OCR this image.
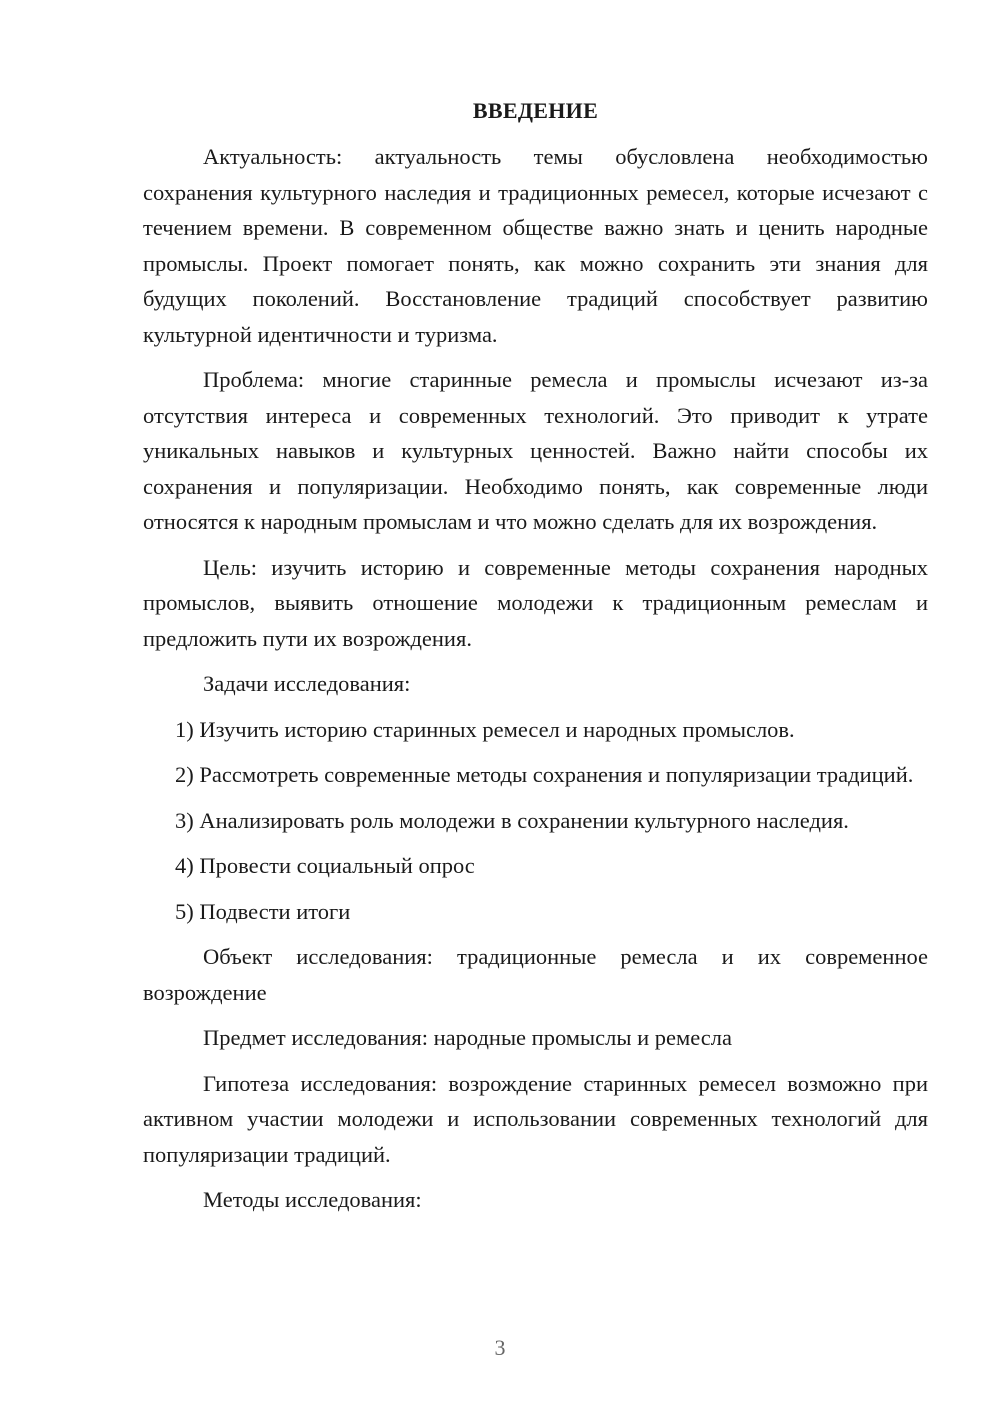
ВВЕДЕНИЕ

Актуальность: актуальность темы обусловлена необходимостью сохранения культурного наследия и традиционных ремесел, которые исчезают с течением времени. В современном обществе важно знать и ценить народные промыслы. Проект помогает понять, как можно сохранить эти знания для будущих поколений. Восстановление традиций способствует развитию культурной идентичности и туризма.

Проблема: многие старинные ремесла и промыслы исчезают из-за отсутствия интереса и современных технологий. Это приводит к утрате уникальных навыков и культурных ценностей. Важно найти способы их сохранения и популяризации. Необходимо понять, как современные люди относятся к народным промыслам и что можно сделать для их возрождения.

Цель: изучить историю и современные методы сохранения народных промыслов, выявить отношение молодежи к традиционным ремеслам и предложить пути их возрождения.

Задачи исследования:

1) Изучить историю старинных ремесел и народных промыслов.

2) Рассмотреть современные методы сохранения и популяризации традиций.

3) Анализировать роль молодежи в сохранении культурного наследия.

4) Провести социальный опрос

5) Подвести итоги

Объект исследования: традиционные ремесла и их современное возрождение

Предмет исследования: народные промыслы и ремесла

Гипотеза исследования: возрождение старинных ремесел возможно при активном участии молодежи и использовании современных технологий для популяризации традиций.

Методы исследования:

3
